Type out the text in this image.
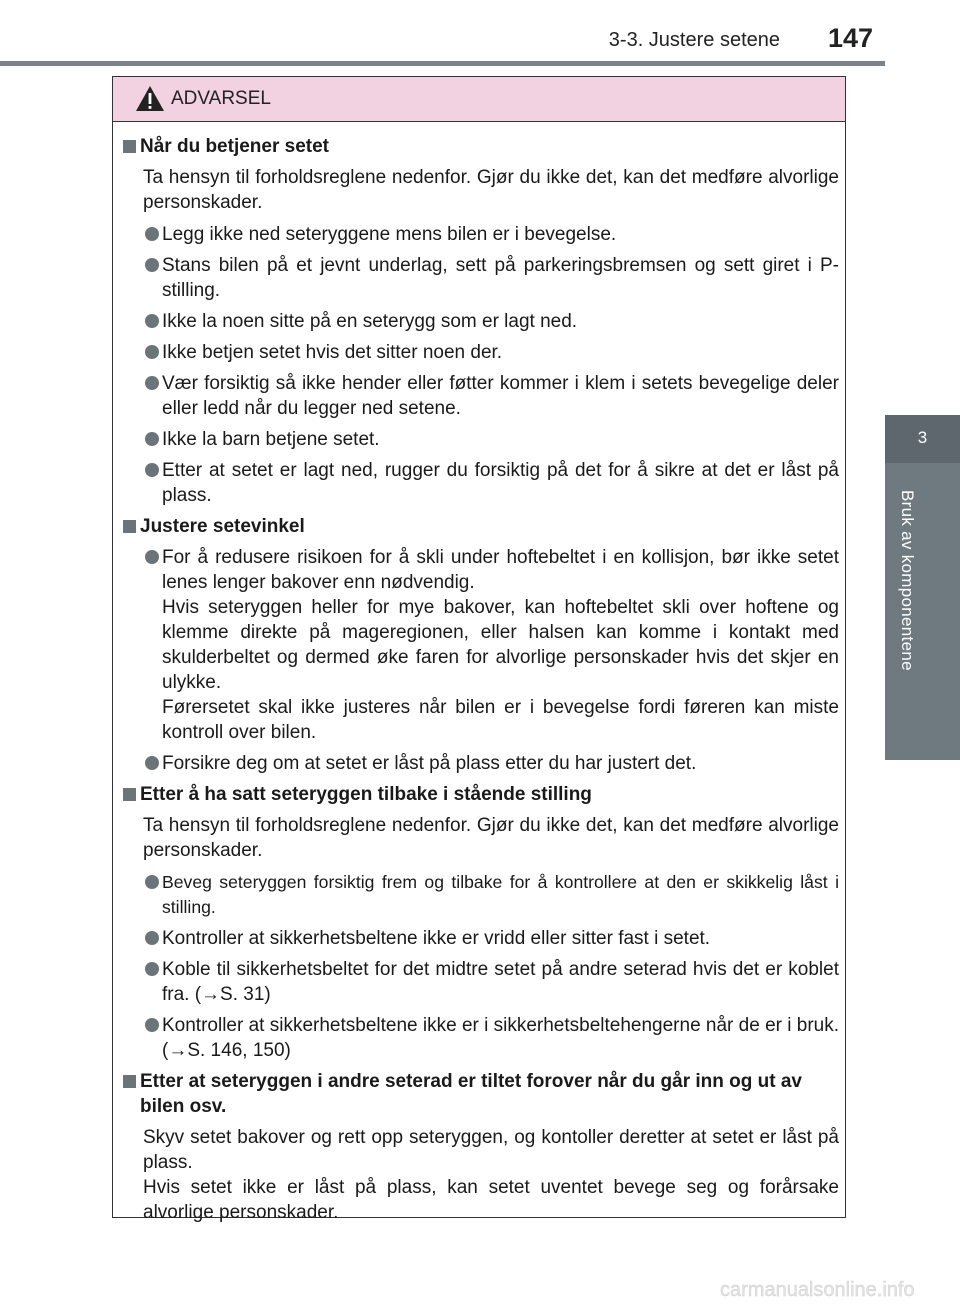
3-3. Justere setene 147
3
Bruk av komponentene
ADVARSEL
Når du betjener setet
Ta hensyn til forholdsreglene nedenfor. Gjør du ikke det, kan det medføre alvorlige personskader.
Legg ikke ned seteryggene mens bilen er i bevegelse.
Stans bilen på et jevnt underlag, sett på parkeringsbremsen og sett giret i P-stilling.
Ikke la noen sitte på en seterygg som er lagt ned.
Ikke betjen setet hvis det sitter noen der.
Vær forsiktig så ikke hender eller føtter kommer i klem i setets bevegelige deler eller ledd når du legger ned setene.
Ikke la barn betjene setet.
Etter at setet er lagt ned, rugger du forsiktig på det for å sikre at det er låst på plass.
Justere setevinkel
For å redusere risikoen for å skli under hoftebeltet i en kollisjon, bør ikke setet lenes lenger bakover enn nødvendig.
Hvis seteryggen heller for mye bakover, kan hoftebeltet skli over hoftene og klemme direkte på mageregionen, eller halsen kan komme i kontakt med skulderbeltet og dermed øke faren for alvorlige personskader hvis det skjer en ulykke.
Førersetet skal ikke justeres når bilen er i bevegelse fordi føreren kan miste kontroll over bilen.
Forsikre deg om at setet er låst på plass etter du har justert det.
Etter å ha satt seteryggen tilbake i stående stilling
Ta hensyn til forholdsreglene nedenfor. Gjør du ikke det, kan det medføre alvorlige personskader.
Beveg seteryggen forsiktig frem og tilbake for å kontrollere at den er skikkelig låst i stilling.
Kontroller at sikkerhetsbeltene ikke er vridd eller sitter fast i setet.
Koble til sikkerhetsbeltet for det midtre setet på andre seterad hvis det er koblet fra. (→S. 31)
Kontroller at sikkerhetsbeltene ikke er i sikkerhetsbeltehengerne når de er i bruk. (→S. 146, 150)
Etter at seteryggen i andre seterad er tiltet forover når du går inn og ut av bilen osv.
Skyv setet bakover og rett opp seteryggen, og kontoller deretter at setet er låst på plass.
Hvis setet ikke er låst på plass, kan setet uventet bevege seg og forårsake alvorlige personskader.
carmanualsonline.info
